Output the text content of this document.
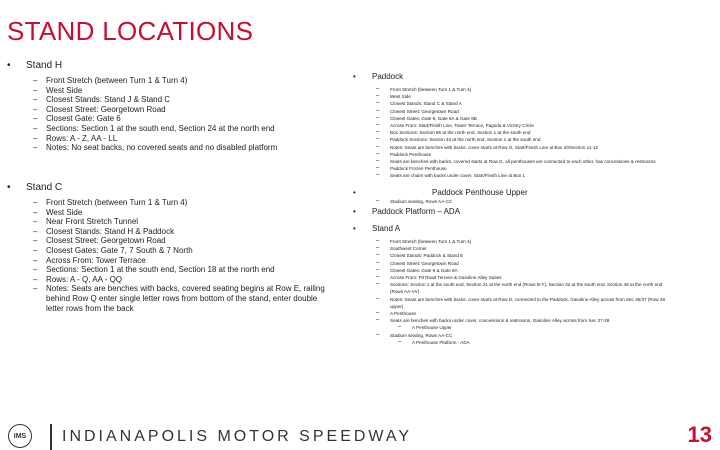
STAND LOCATIONS
• Stand H
– Front Stretch (between Turn 1 & Turn 4)
– West Side
– Closest Stands: Stand J & Stand C
– Closest Street: Georgetown Road
– Closest Gate: Gate 6
– Sections: Section 1 at the south end, Section 24 at the north end
– Rows: A - Z, AA - LL
– Notes: No seat backs, no covered seats and no disabled platform
• Stand C
– Front Stretch (between Turn 1 & Turn 4)
– West Side
– Near Front Stretch Tunnel
– Closest Stands: Stand H & Paddock
– Closest Street: Georgetown Road
– Closest Gates: Gate 7, 7 South & 7 North
– Across From: Tower Terrace
– Sections: Section 1 at the south end, Section 18 at the north end
– Rows: A - Q, AA - QQ
– Notes: Seats are benches with backs, covered seating begins at Row E, railing behind Row Q enter single letter rows from bottom of the stand, enter double letter rows from the back
• Paddock
– Front Stretch (between Turn 1 & Turn 4)
– West Side
– Closest Stands: Stand C & Stand A
– Closest Street: Georgetown Road
– Closest Gates: Gate 8, Gate 8A & Gate 8B
– Across From: Start/Finish Line, Tower Terrace, Pagoda & Victory Circle
– Box Sections: Section 86 at the north end, Section 1 at the south end
– Paddock Sections: Section 33 at the north end, Section 1 at the south end
– Notes: Seats are benches with backs, cover starts at Row G, Start/Finish Line at Box 20/Section 11-12
– Paddock Penthouse
– Seats are benches with backs, covered starts at Row D, all penthouses are connected to each other, has concessions & restrooms
– Paddock Frozen Penthouse
– Seats are chairs with backs under cover, Start/Finish Line at Box 1
• Paddock Penthouse Upper
– Stadium seating, Rows AA-CC
• Paddock Platform – ADA
• Stand A
– Front Stretch (between Turn 1 & Turn 4)
– Southwest Corner
– Closest Stands: Paddock & Stand E
– Closest Street: Georgetown Road
– Closest Gates: Gate 9 & Gate 9A
– Across From: Pit Road Terrace & Gasoline Alley Suites
– Sections: Section 1 at the south end, Section 21 at the north end (Rows B-Y), Section 32 at the south end, Section 46 at the north end (Rows AA-VV)
– Notes: Seats are benches with backs, cover starts at Row D, connected to the Paddock, Gasoline Alley across from Sec 36/37 (Row 48 upper)
– A Penthouse
– Seats are benches with backs under cover, concessions & restrooms, Gasoline Alley across from Sec 27-28
– A Penthouse Upper
– Stadium seating, Rows AA-CC
– A Penthouse Platform - ADA
IMS	INDIANAPOLIS MOTOR SPEEDWAY	13
